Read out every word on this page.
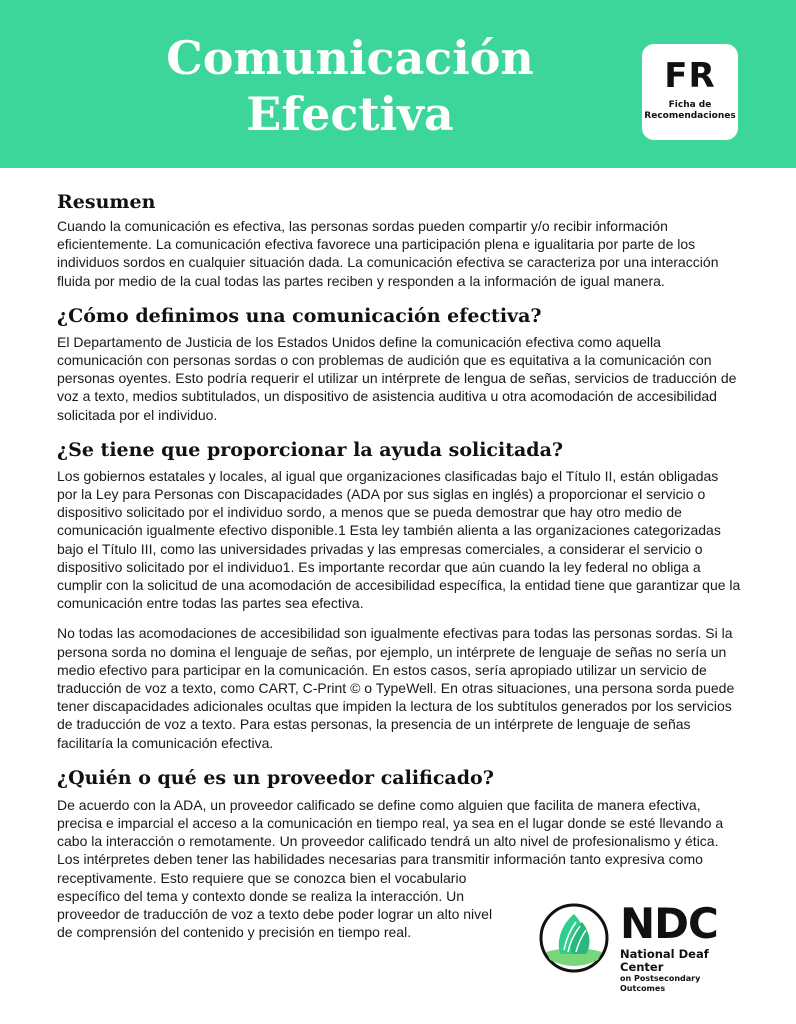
Comunicación
Efectiva
FR
Ficha de
Recomendaciones
Resumen

Cuando la comunicación es efectiva, las personas sordas pueden compartir y/o recibir información eficientemente. La comunicación efectiva favorece una participación plena e igualitaria por parte de los individuos sordos en cualquier situación dada. La comunicación efectiva se caracteriza por una interacción fluida por medio de la cual todas las partes reciben y responden a la información de igual manera.

¿Cómo definimos una comunicación efectiva?

El Departamento de Justicia de los Estados Unidos define la comunicación efectiva como aquella comunicación con personas sordas o con problemas de audición que es equitativa a la comunicación con personas oyentes. Esto podría requerir el utilizar un intérprete de lengua de señas, servicios de traducción de voz a texto, medios subtitulados, un dispositivo de asistencia auditiva u otra acomodación de accesibilidad solicitada por el individuo.

¿Se tiene que proporcionar la ayuda solicitada?

Los gobiernos estatales y locales, al igual que organizaciones clasificadas bajo el Título II, están obligadas por la Ley para Personas con Discapacidades (ADA por sus siglas en inglés) a proporcionar el servicio o dispositivo solicitado por el individuo sordo, a menos que se pueda demostrar que hay otro medio de comunicación igualmente efectivo disponible.1 Esta ley también alienta a las organizaciones categorizadas bajo el Título III, como las universidades privadas y las empresas comerciales, a considerar el servicio o dispositivo solicitado por el individuo1. Es importante recordar que aún cuando la ley federal no obliga a cumplir con la solicitud de una acomodación de accesibilidad específica, la entidad tiene que garantizar que la comunicación entre todas las partes sea efectiva.

No todas las acomodaciones de accesibilidad son igualmente efectivas para todas las personas sordas. Si la persona sorda no domina el lenguaje de señas, por ejemplo, un intérprete de lenguaje de señas no sería un medio efectivo para participar en la comunicación. En estos casos, sería apropiado utilizar un servicio de traducción de voz a texto, como CART, C-Print © o TypeWell. En otras situaciones, una persona sorda puede tener discapacidades adicionales ocultas que impiden la lectura de los subtítulos generados por los servicios de traducción de voz a texto. Para estas personas, la presencia de un intérprete de lenguaje de señas facilitaría la comunicación efectiva.

¿Quién o qué es un proveedor calificado?

De acuerdo con la ADA, un proveedor calificado se define como alguien que facilita de manera efectiva, precisa e imparcial el acceso a la comunicación en tiempo real, ya sea en el lugar donde se esté llevando a cabo la interacción o remotamente. Un proveedor calificado tendrá un alto nivel de profesionalismo y ética. Los intérpretes deben tener las habilidades necesarias para transmitir información tanto expresiva como receptivamente. Esto requiere que se conozca bien el vocabulario

específico del tema y contexto donde se realiza la interacción. Un proveedor de traducción de voz a texto debe poder lograr un alto nivel de comprensión del contenido y precisión en tiempo real.	NDC
National Deaf Center
on Postsecondary Outcomes
